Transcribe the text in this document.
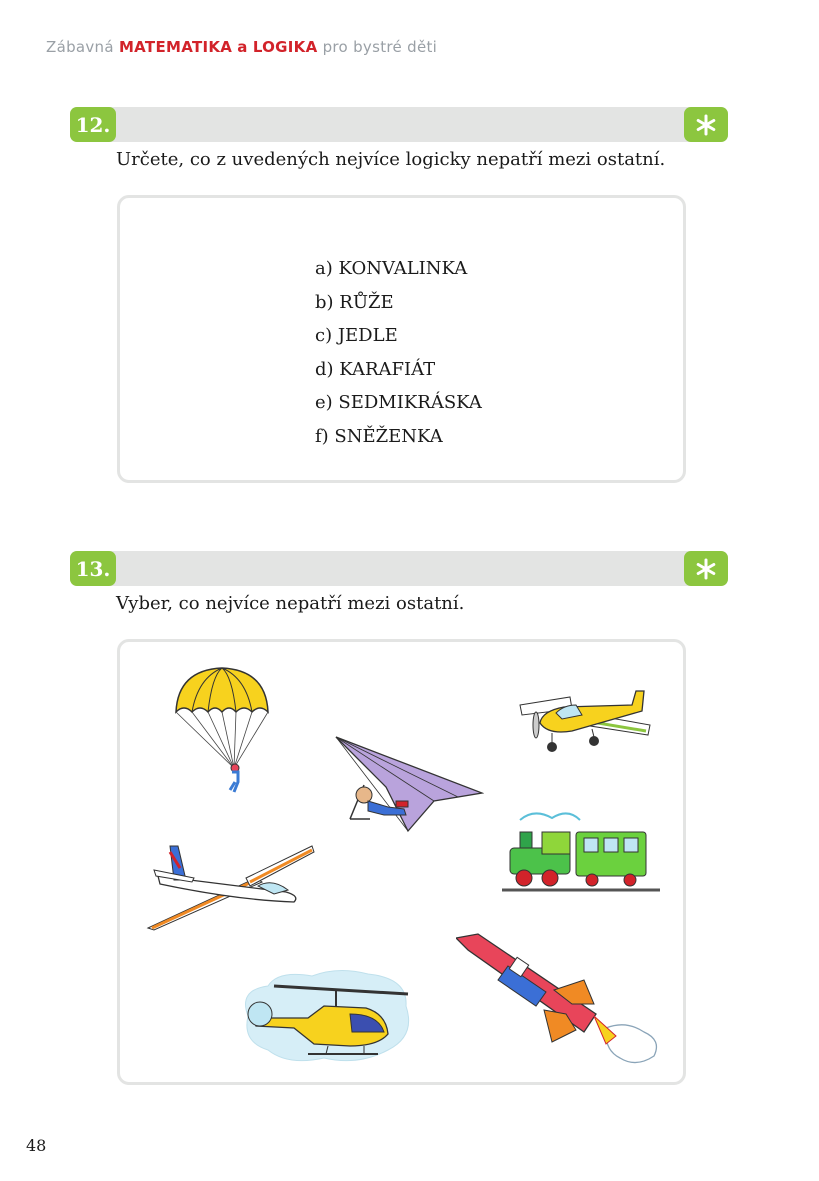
Zábavná MATEMATIKA a LOGIKA pro bystré děti
12.
Určete, co z uvedených nejvíce logicky nepatří mezi ostatní.
a) KONVALINKA
b) RŮŽE
c) JEDLE
d) KARAFIÁT
e) SEDMIKRÁSKA
f) SNĚŽENKA
13.
Vyber, co nejvíce nepatří mezi ostatní.
48
